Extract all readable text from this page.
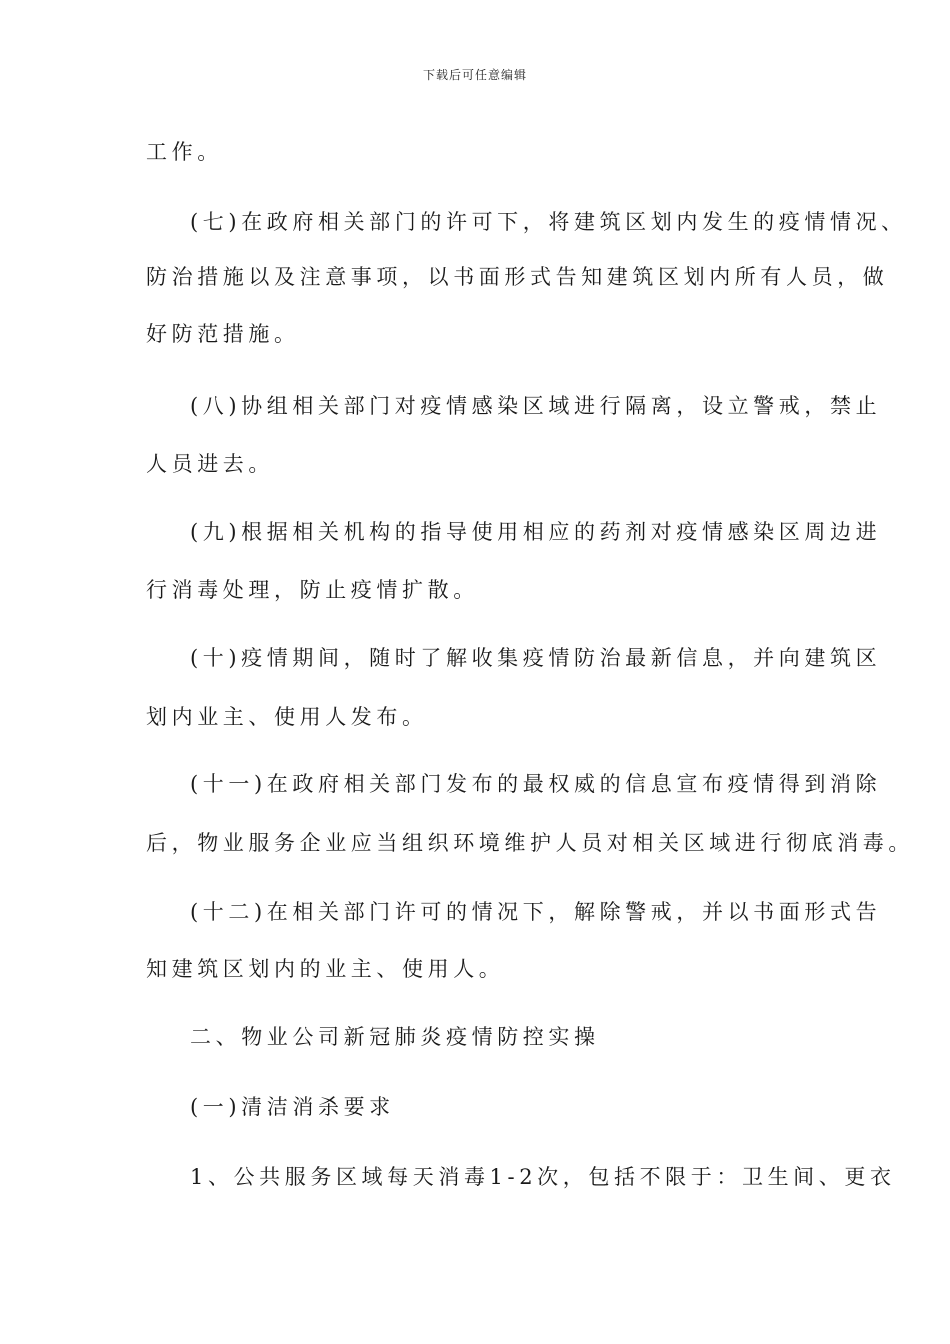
下载后可任意编辑
工作。
(七)在政府相关部门的许可下，将建筑区划内发生的疫情情况、
防治措施以及注意事项，以书面形式告知建筑区划内所有人员，做
好防范措施。
(八)协组相关部门对疫情感染区域进行隔离，设立警戒，禁止
人员进去。
(九)根据相关机构的指导使用相应的药剂对疫情感染区周边进
行消毒处理，防止疫情扩散。
(十)疫情期间，随时了解收集疫情防治最新信息，并向建筑区
划内业主、使用人发布。
(十一)在政府相关部门发布的最权威的信息宣布疫情得到消除
后，物业服务企业应当组织环境维护人员对相关区域进行彻底消毒。
(十二)在相关部门许可的情况下，解除警戒，并以书面形式告
知建筑区划内的业主、使用人。
二、物业公司新冠肺炎疫情防控实操
(一)清洁消杀要求
1、公共服务区域每天消毒1-2次，包括不限于：卫生间、更衣
